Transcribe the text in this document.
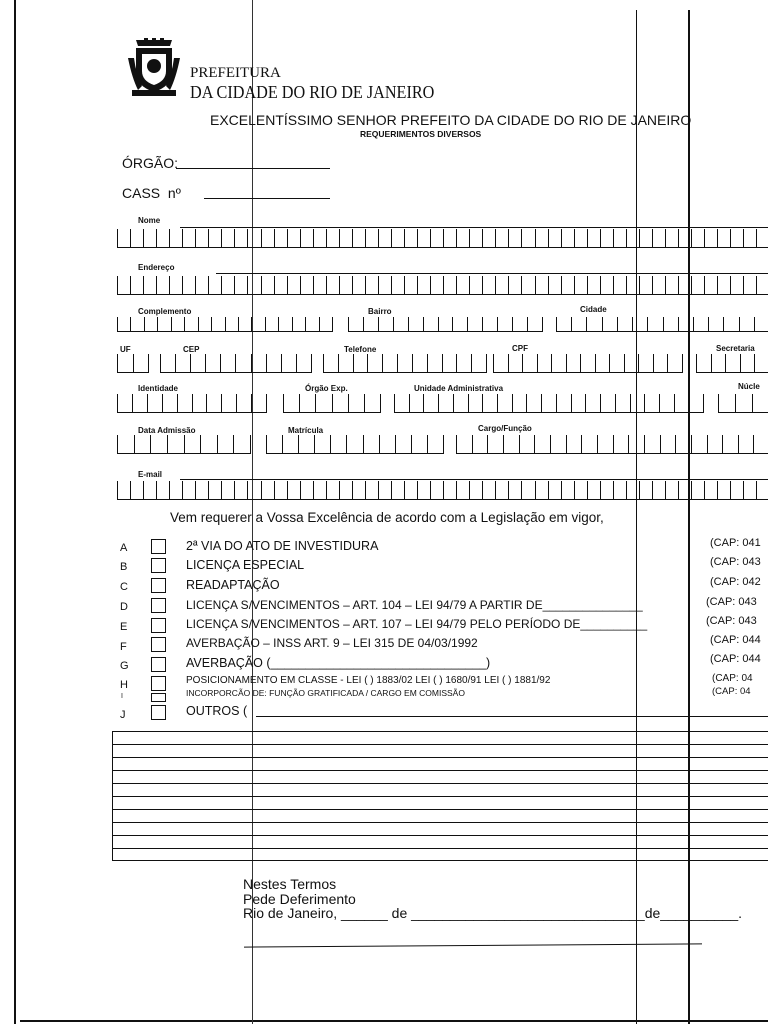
PREFEITURA
DA CIDADE DO RIO DE JANEIRO
EXCELENTÍSSIMO SENHOR PREFEITO DA CIDADE DO RIO DE JANEIRO
REQUERIMENTOS DIVERSOS
ÓRGÃO:
CASS  nº
Nome
Endereço
Complemento	Bairro	Cidade
UF	CEP	Telefone	CPF	Secretaria
Identidade	Órgão Exp.	Unidade Administrativa	Núcle
Data Admissão	Matrícula	Cargo/Função
E-mail
Vem requerer a Vossa Excelência de acordo com a Legislação em vigor,
A	2ª VIA DO ATO DE INVESTIDURA	(CAP: 041
B	LICENÇA ESPECIAL	(CAP: 043
C	READAPTAÇÃO	(CAP: 042
D	LICENÇA S/VENCIMENTOS – ART. 104 – LEI 94/79 A PARTIR DE_______________	(CAP: 043
E	LICENÇA S/VENCIMENTOS – ART. 107 – LEI 94/79 PELO PERÍODO DE__________	(CAP: 043
F	AVERBAÇÃO – INSS ART. 9 – LEI 315 DE 04/03/1992	(CAP: 044
G	AVERBAÇÃO (_______________________________)	(CAP: 044
H	POSICIONAMENTO EM CLASSE - LEI ( ) 1883/02 LEI ( ) 1680/91 LEI ( ) 1881/92	(CAP: 04
I	INCORPORCÃO DE: FUNÇÃO GRATIFICADA / CARGO EM COMISSÃO	(CAP: 04
J	OUTROS (
Nestes Termos
Pede Deferimento
Rio de Janeiro, ______ de ______________________________de__________.
